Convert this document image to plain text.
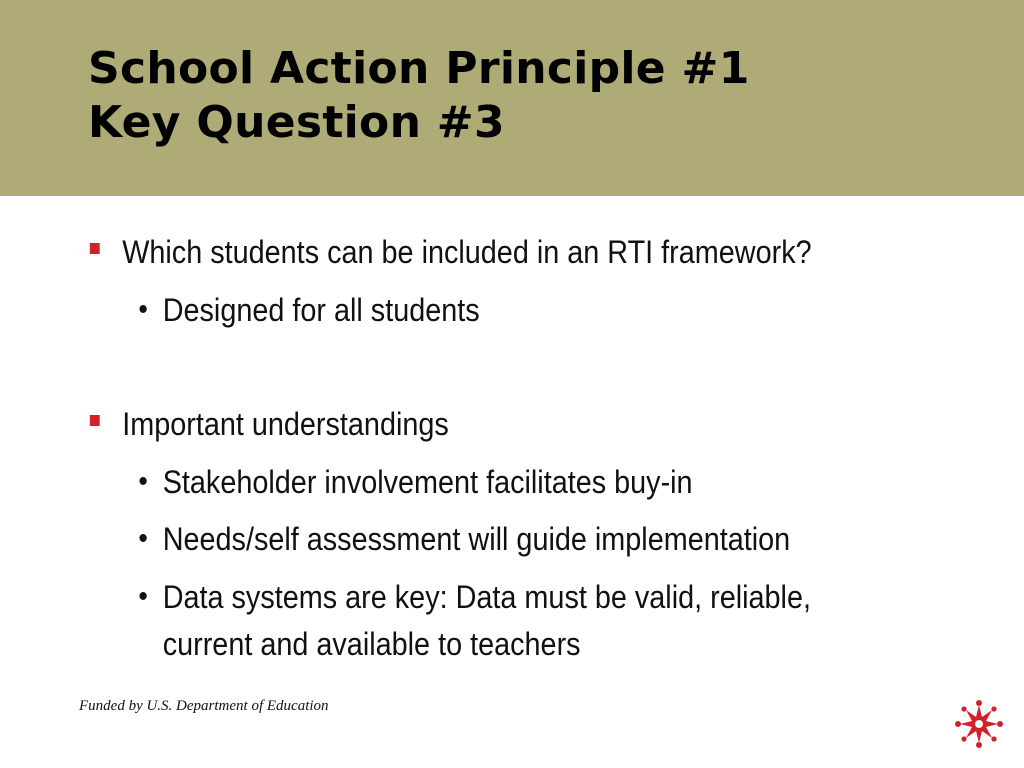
School Action Principle #1
Key Question #3
Which students can be included in an RTI framework?
• Designed for all students
Important understandings
• Stakeholder involvement facilitates buy-in
• Needs/self assessment will guide implementation
• Data systems are key: Data must be valid, reliable,
current and available to teachers
Funded by U.S. Department of Education
